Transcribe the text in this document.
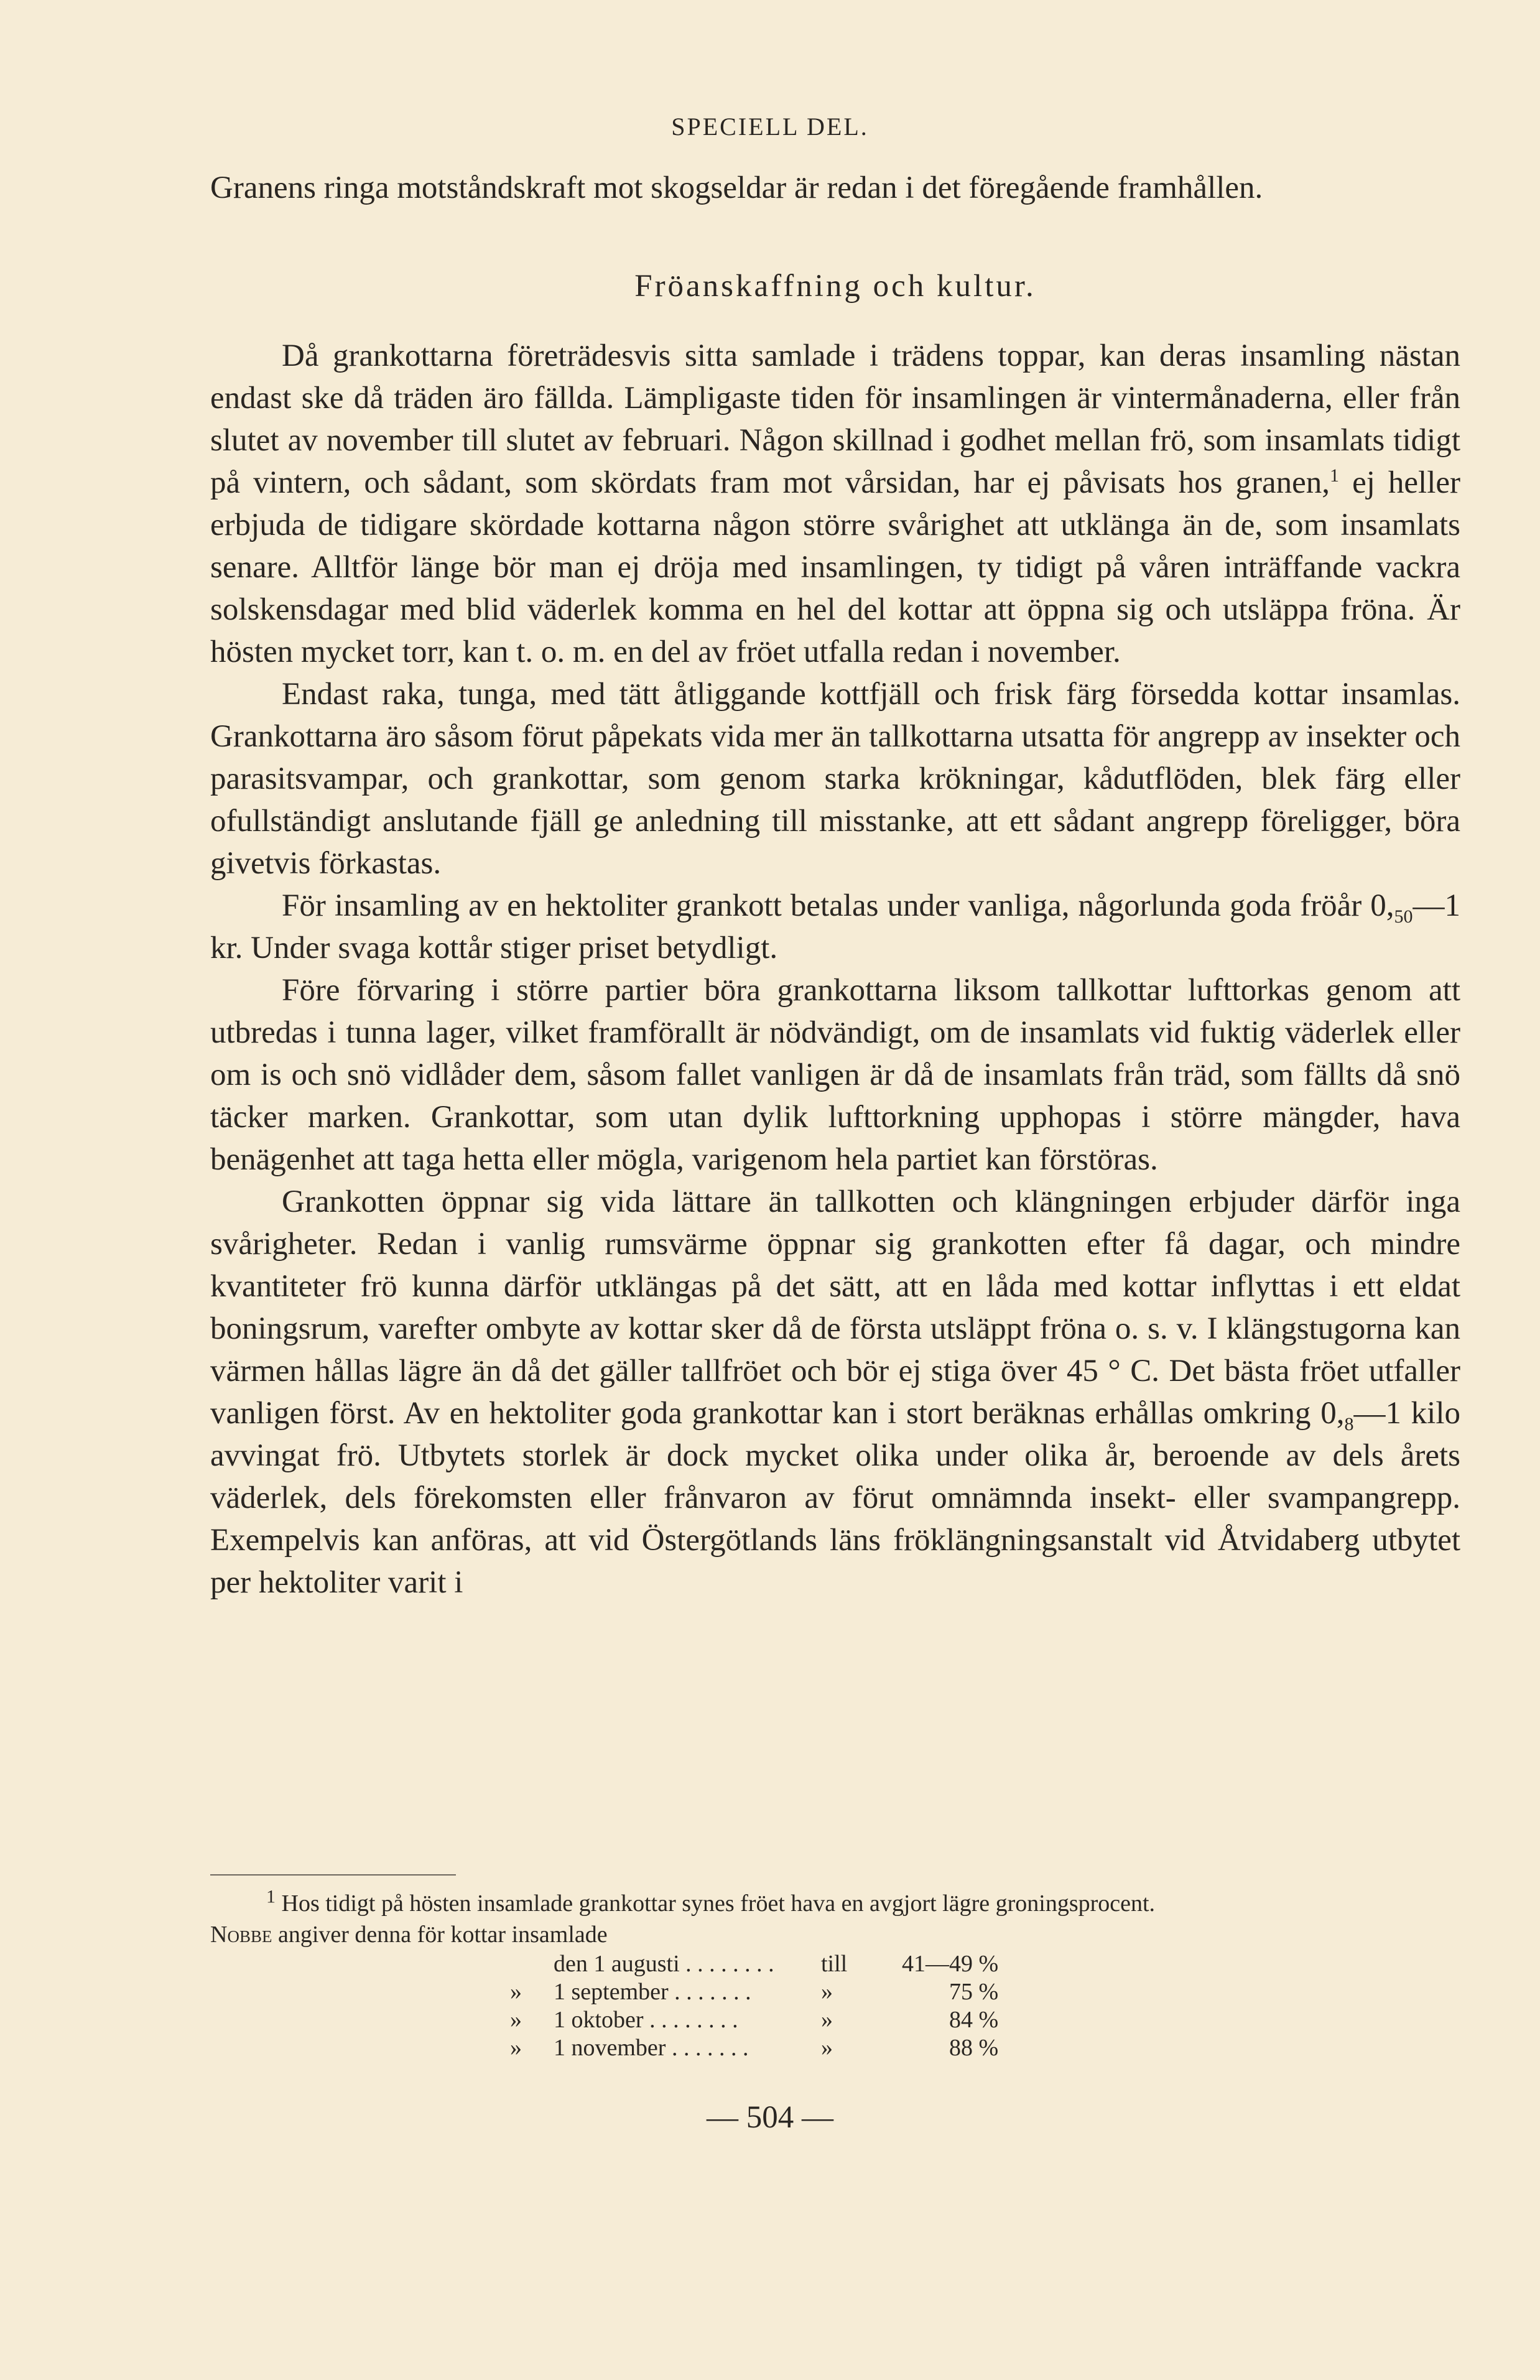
SPECIELL DEL.

Granens ringa motståndskraft mot skogseldar är redan i det föregående framhållen.

Fröanskaffning och kultur.

Då grankottarna företrädesvis sitta samlade i trädens toppar, kan deras insamling nästan endast ske då träden äro fällda. Lämpligaste tiden för insamlingen är vintermånaderna, eller från slutet av november till slutet av februari. Någon skillnad i godhet mellan frö, som insamlats tidigt på vintern, och sådant, som skördats fram mot vårsidan, har ej påvisats hos granen,$^1$ ej heller erbjuda de tidigare skördade kottarna någon större svårighet att utklänga än de, som insamlats senare. Alltför länge bör man ej dröja med insamlingen, ty tidigt på våren inträffande vackra solskensdagar med blid väderlek komma en hel del kottar att öppna sig och utsläppa fröna. Är hösten mycket torr, kan t. o. m. en del av fröet utfalla redan i november.

Endast raka, tunga, med tätt åtliggande kottfjäll och frisk färg försedda kottar insamlas. Grankottarna äro såsom förut påpekats vida mer än tallkottarna utsatta för angrepp av insekter och parasitsvampar, och grankottar, som genom starka krökningar, kådutflöden, blek färg eller ofullständigt anslutande fjäll ge anledning till misstanke, att ett sådant angrepp föreligger, böra givetvis förkastas.

För insamling av en hektoliter grankott betalas under vanliga, någorlunda goda fröår $0,_{50}—1$ kr. Under svaga kottår stiger priset betydligt.

Före förvaring i större partier böra grankottarna liksom tallkottar lufttorkas genom att utbredas i tunna lager, vilket framförallt är nödvändigt, om de insamlats vid fuktig väderlek eller om is och snö vidlåder dem, såsom fallet vanligen är då de insamlats från träd, som fällts då snö täcker marken. Grankottar, som utan dylik lufttorkning upphopas i större mängder, hava benägenhet att taga hetta eller mögla, varigenom hela partiet kan förstöras.

Grankotten öppnar sig vida lättare än tallkotten och klängningen erbjuder därför inga svårigheter. Redan i vanlig rumsvärme öppnar sig grankotten efter få dagar, och mindre kvantiteter frö kunna därför utklängas på det sätt, att en låda med kottar inflyttas i ett eldat boningsrum, varefter ombyte av kottar sker då de första utsläppt fröna o. s. v. I klängstugorna kan värmen hållas lägre än då det gäller tallfröet och bör ej stiga över 45 ° C. Det bästa fröet utfaller vanligen först. Av en hektoliter goda grankottar kan i stort beräknas erhållas omkring $0,_8—1$ kilo avvingat frö. Utbytets storlek är dock mycket olika under olika år, beroende av dels årets väderlek, dels förekomsten eller frånvaron av förut omnämnda insekt- eller svampangrepp. Exempelvis kan anföras, att vid Östergötlands läns fröklängningsanstalt vid Åtvidaberg utbytet per hektoliter varit i

$^1$ Hos tidigt på hösten insamlade grankottar synes fröet hava en avgjort lägre groningsprocent.

Nobbe angiver denna för kottar insamlade

	den 1 augusti . . . . . . . .	till	41—49 %
»	1 september . . . . . . .	»	75 %
»	1 oktober . . . . . . . .	»	84 %
»	1 november . . . . . . .	»	88 %
— 504 —
